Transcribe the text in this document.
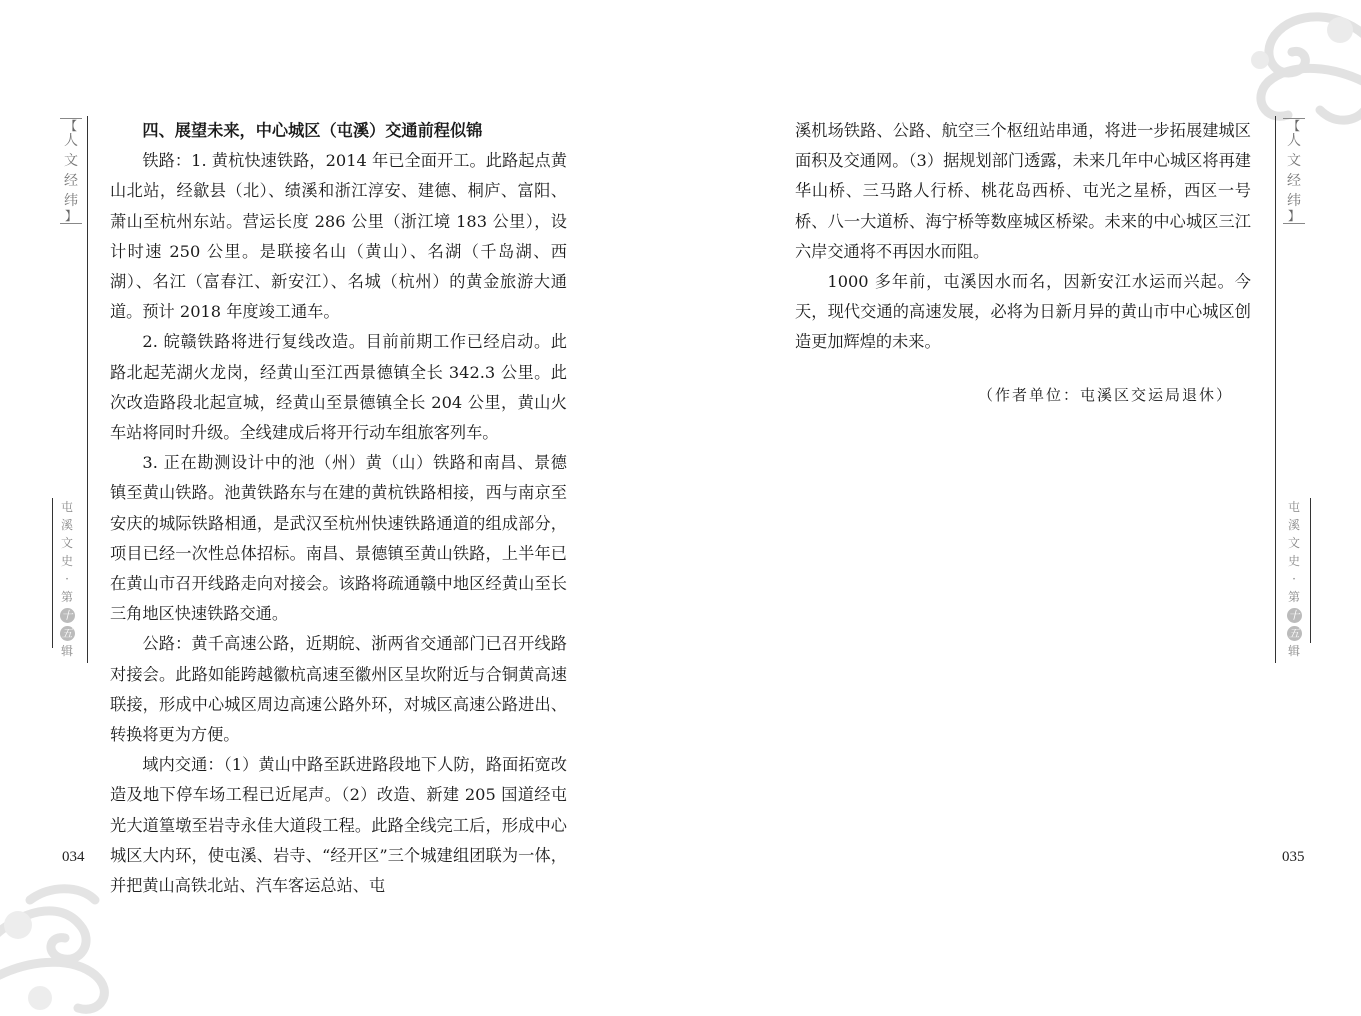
【
人
文
经
纬
】
屯
溪
文
史
·
第
十
五
辑
034

四、展望未来，中心城区（屯溪）交通前程似锦

铁路：1. 黄杭快速铁路，2014 年已全面开工。此路起点黄山北站，经歙县（北）、绩溪和浙江淳安、建德、桐庐、富阳、萧山至杭州东站。营运长度 286 公里（浙江境 183 公里），设计时速 250 公里。是联接名山（黄山）、名湖（千岛湖、西湖）、名江（富春江、新安江）、名城（杭州）的黄金旅游大通道。预计 2018 年度竣工通车。

2. 皖赣铁路将进行复线改造。目前前期工作已经启动。此路北起芜湖火龙岗，经黄山至江西景德镇全长 342.3 公里。此次改造路段北起宣城，经黄山至景德镇全长 204 公里，黄山火车站将同时升级。全线建成后将开行动车组旅客列车。

3. 正在勘测设计中的池（州）黄（山）铁路和南昌、景德镇至黄山铁路。池黄铁路东与在建的黄杭铁路相接，西与南京至安庆的城际铁路相通，是武汉至杭州快速铁路通道的组成部分，项目已经一次性总体招标。南昌、景德镇至黄山铁路，上半年已在黄山市召开线路走向对接会。该路将疏通赣中地区经黄山至长三角地区快速铁路交通。

公路：黄千高速公路，近期皖、浙两省交通部门已召开线路对接会。此路如能跨越徽杭高速至徽州区呈坎附近与合铜黄高速联接，形成中心城区周边高速公路外环，对城区高速公路进出、转换将更为方便。

域内交通：（1）黄山中路至跃进路段地下人防，路面拓宽改造及地下停车场工程已近尾声。（2）改造、新建 205 国道经屯光大道篁墩至岩寺永佳大道段工程。此路全线完工后，形成中心城区大内环，使屯溪、岩寺、“经开区”三个城建组团联为一体，并把黄山高铁北站、汽车客运总站、屯

【
人
文
经
纬
】
屯
溪
文
史
·
第
十
五
辑
035

溪机场铁路、公路、航空三个枢纽站串通，将进一步拓展建城区面积及交通网。（3）据规划部门透露，未来几年中心城区将再建华山桥、三马路人行桥、桃花岛西桥、屯光之星桥，西区一号桥、八一大道桥、海宁桥等数座城区桥梁。未来的中心城区三江六岸交通将不再因水而阻。

1000 多年前，屯溪因水而名，因新安江水运而兴起。今天，现代交通的高速发展，必将为日新月异的黄山市中心城区创造更加辉煌的未来。

（作者单位：屯溪区交运局退休）
